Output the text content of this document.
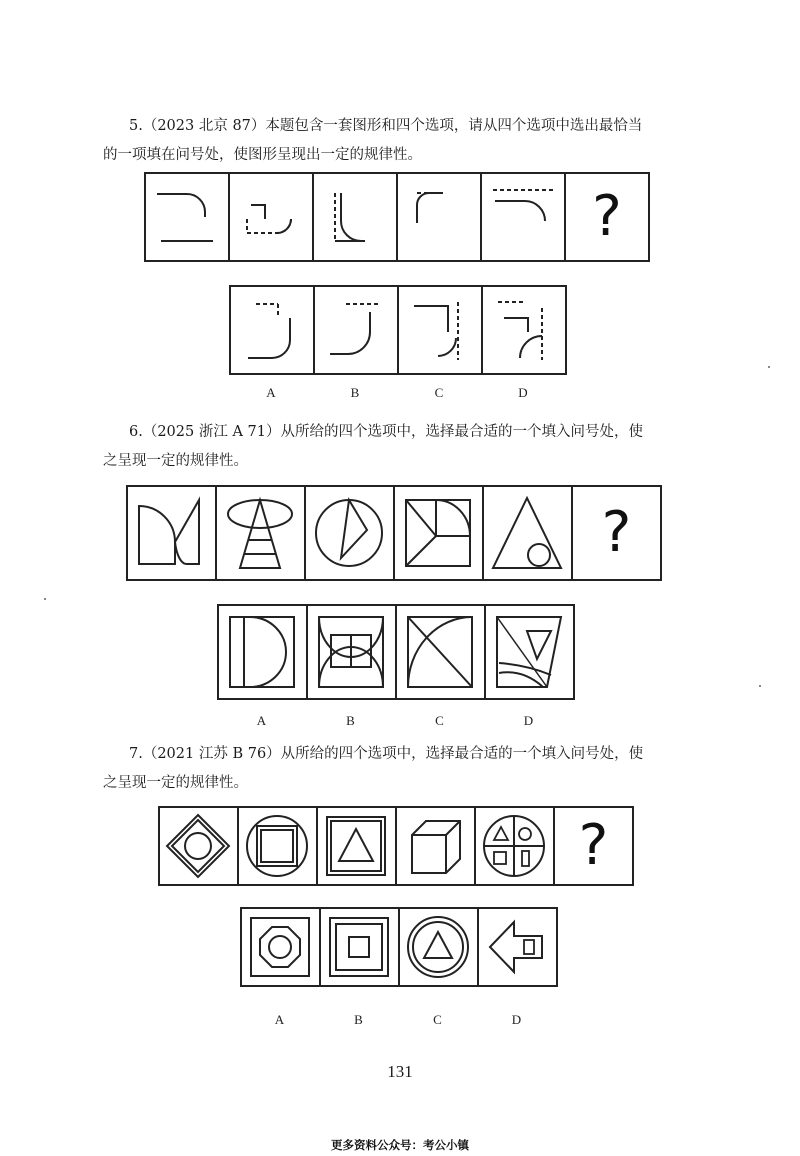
5.（2023 北京 87）本题包含一套图形和四个选项，请从四个选项中选出最恰当
的一项填在问号处，使图形呈现出一定的规律性。
?
A	B	C	D
6.（2025 浙江 A 71）从所给的四个选项中，选择最合适的一个填入问号处，使
之呈现一定的规律性。
?
A	B	C	D
7.（2021 江苏 B 76）从所给的四个选项中，选择最合适的一个填入问号处，使
之呈现一定的规律性。
?
A	B	C	D
131
更多资料公众号：考公小镇
